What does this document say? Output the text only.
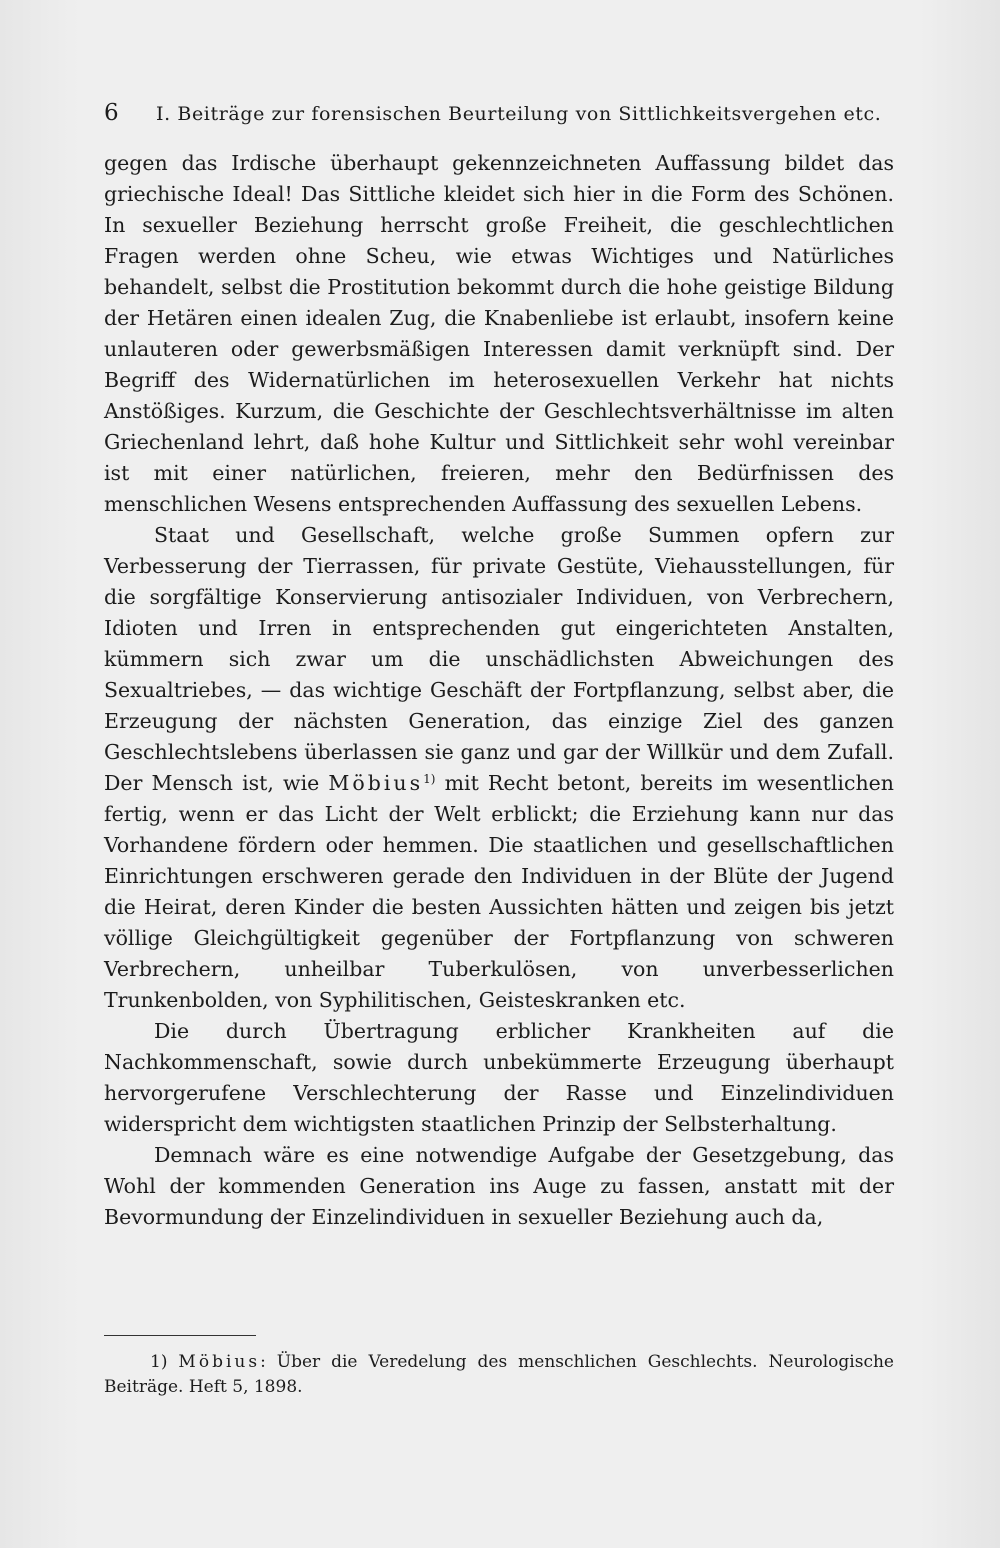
6 I. Beiträge zur forensischen Beurteilung von Sittlichkeitsvergehen etc.

gegen das Irdische überhaupt gekennzeichneten Auffassung bildet das griechische Ideal! Das Sittliche kleidet sich hier in die Form des Schönen. In sexueller Beziehung herrscht große Freiheit, die geschlechtlichen Fragen werden ohne Scheu, wie etwas Wichtiges und Natürliches behandelt, selbst die Prostitution bekommt durch die hohe geistige Bildung der Hetären einen idealen Zug, die Knabenliebe ist erlaubt, insofern keine unlauteren oder gewerbsmäßigen Interessen damit verknüpft sind. Der Begriff des Widernatürlichen im heterosexuellen Verkehr hat nichts Anstößiges. Kurzum, die Geschichte der Geschlechtsverhältnisse im alten Griechenland lehrt, daß hohe Kultur und Sittlichkeit sehr wohl vereinbar ist mit einer natürlichen, freieren, mehr den Bedürfnissen des menschlichen Wesens entsprechenden Auffassung des sexuellen Lebens.

Staat und Gesellschaft, welche große Summen opfern zur Verbesserung der Tierrassen, für private Gestüte, Viehausstellungen, für die sorgfältige Konservierung antisozialer Individuen, von Verbrechern, Idioten und Irren in entsprechenden gut eingerichteten Anstalten, kümmern sich zwar um die unschädlichsten Abweichungen des Sexualtriebes, — das wichtige Geschäft der Fortpflanzung, selbst aber, die Erzeugung der nächsten Generation, das einzige Ziel des ganzen Geschlechtslebens überlassen sie ganz und gar der Willkür und dem Zufall. Der Mensch ist, wie Möbius$^{1)}$ mit Recht betont, bereits im wesentlichen fertig, wenn er das Licht der Welt erblickt; die Erziehung kann nur das Vorhandene fördern oder hemmen. Die staatlichen und gesellschaftlichen Einrichtungen erschweren gerade den Individuen in der Blüte der Jugend die Heirat, deren Kinder die besten Aussichten hätten und zeigen bis jetzt völlige Gleichgültigkeit gegenüber der Fortpflanzung von schweren Verbrechern, unheilbar Tuberkulösen, von unverbesserlichen Trunkenbolden, von Syphilitischen, Geisteskranken etc.

Die durch Übertragung erblicher Krankheiten auf die Nachkommenschaft, sowie durch unbekümmerte Erzeugung überhaupt hervorgerufene Verschlechterung der Rasse und Einzelindividuen widerspricht dem wichtigsten staatlichen Prinzip der Selbsterhaltung.

Demnach wäre es eine notwendige Aufgabe der Gesetzgebung, das Wohl der kommenden Generation ins Auge zu fassen, anstatt mit der Bevormundung der Einzelindividuen in sexueller Beziehung auch da,

1) Möbius: Über die Veredelung des menschlichen Geschlechts. Neurologische Beiträge. Heft 5, 1898.
